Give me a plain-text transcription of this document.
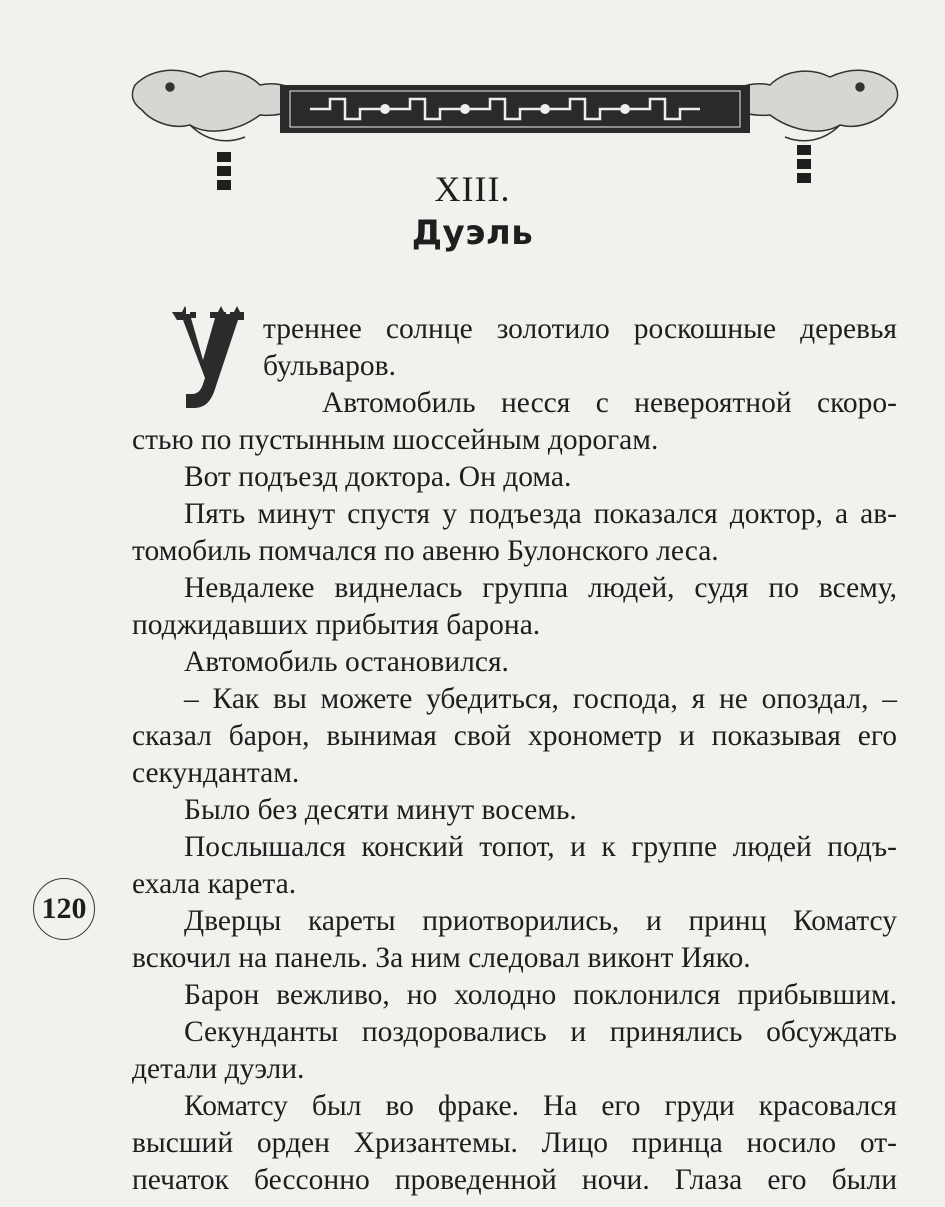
XIII.
Дуэль
треннее солнце золотило роскошные деревья
бульваров.
Автомобиль несся с невероятной скоро-
стью по пустынным шоссейным дорогам.
Вот подъезд доктора. Он дома.
Пять минут спустя у подъезда показался доктор, а ав-
томобиль помчался по авеню Булонского леса.
Невдалеке виднелась группа людей, судя по всему,
поджидавших прибытия барона.
Автомобиль остановился.
– Как вы можете убедиться, господа, я не опоздал, –
сказал барон, вынимая свой хронометр и показывая его
секундантам.
Было без десяти минут восемь.
Послышался конский топот, и к группе людей подъ-
ехала карета.
Дверцы кареты приотворились, и принц Коматсу
вскочил на панель. За ним следовал виконт Ияко.
Барон вежливо, но холодно поклонился прибывшим.
Секунданты поздоровались и принялись обсуждать
детали дуэли.
Коматсу был во фраке. На его груди красовался
высший орден Хризантемы. Лицо принца носило от-
печаток бессонно проведенной ночи. Глаза его были
120
